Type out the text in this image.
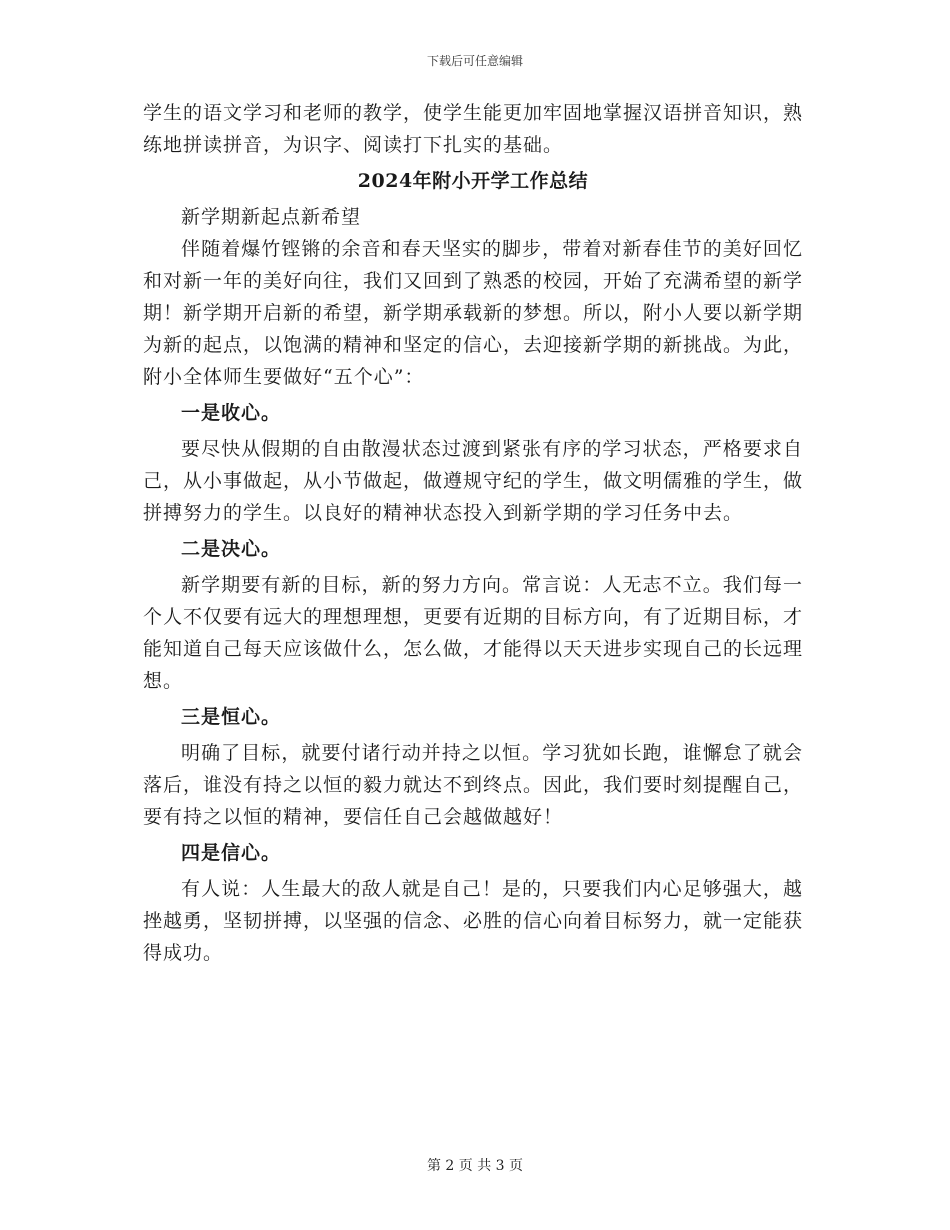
下载后可任意编辑

学生的语文学习和老师的教学，使学生能更加牢固地掌握汉语拼音知识，熟练地拼读拼音，为识字、阅读打下扎实的基础。

2024年附小开学工作总结

新学期新起点新希望

伴随着爆竹铿锵的余音和春天坚实的脚步，带着对新春佳节的美好回忆和对新一年的美好向往，我们又回到了熟悉的校园，开始了充满希望的新学期！新学期开启新的希望，新学期承载新的梦想。所以，附小人要以新学期为新的起点，以饱满的精神和坚定的信心，去迎接新学期的新挑战。为此，附小全体师生要做好“五个心”：

一是收心。

要尽快从假期的自由散漫状态过渡到紧张有序的学习状态，严格要求自己，从小事做起，从小节做起，做遵规守纪的学生，做文明儒雅的学生，做拼搏努力的学生。以良好的精神状态投入到新学期的学习任务中去。

二是决心。

新学期要有新的目标，新的努力方向。常言说：人无志不立。我们每一个人不仅要有远大的理想理想，更要有近期的目标方向，有了近期目标，才能知道自己每天应该做什么，怎么做，才能得以天天进步实现自己的长远理想。

三是恒心。

明确了目标，就要付诸行动并持之以恒。学习犹如长跑，谁懈怠了就会落后，谁没有持之以恒的毅力就达不到终点。因此，我们要时刻提醒自己，要有持之以恒的精神，要信任自己会越做越好！

四是信心。

有人说：人生最大的敌人就是自己！是的，只要我们内心足够强大，越挫越勇，坚韧拼搏，以坚强的信念、必胜的信心向着目标努力，就一定能获得成功。

第 2 页 共 3 页
